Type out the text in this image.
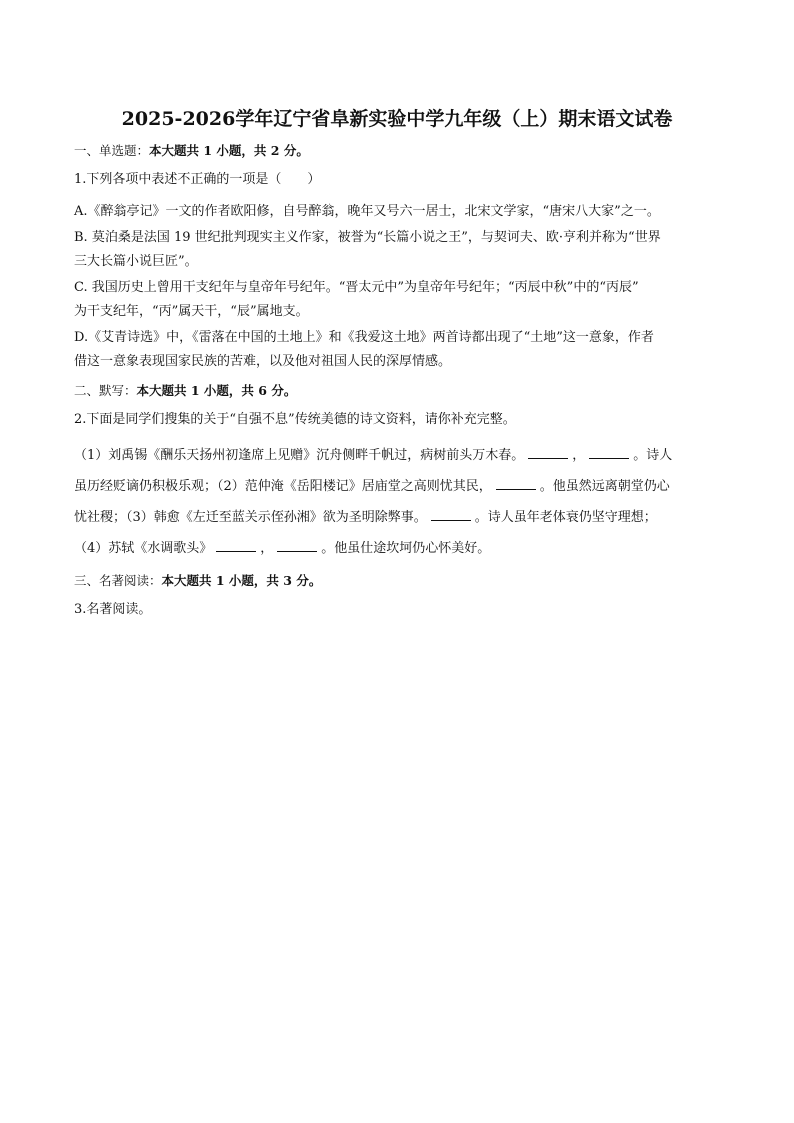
2025-2026学年辽宁省阜新实验中学九年级（上）期末语文试卷
一、单选题：本大题共 1 小题，共 2 分。
1.下列各项中表述不正确的一项是（　　）
A.《醉翁亭记》一文的作者欧阳修，自号醉翁，晚年又号六一居士，北宋文学家，“唐宋八大家”之一。
B. 莫泊桑是法国 19 世纪批判现实主义作家，被誉为“长篇小说之王”，与契诃夫、欧·亨利并称为“世界
三大长篇小说巨匠”。
C. 我国历史上曾用干支纪年与皇帝年号纪年。“晋太元中”为皇帝年号纪年；“丙辰中秋”中的“丙辰”
为干支纪年，“丙”属天干，“辰”属地支。
D.《艾青诗选》中，《雷落在中国的土地上》和《我爱这土地》两首诗都出现了“土地”这一意象，作者
借这一意象表现国家民族的苦难，以及他对祖国人民的深厚情感。
二、默写：本大题共 1 小题，共 6 分。
2.下面是同学们搜集的关于“自强不息”传统美德的诗文资料，请你补充完整。
（1）刘禹锡《酬乐天扬州初逢席上见赠》沉舟侧畔千帆过，病树前头万木春。	，	。诗人
虽历经贬谪仍积极乐观；（2）范仲淹《岳阳楼记》居庙堂之高则忧其民，	。他虽然远离朝堂仍心
忧社稷；（3）韩愈《左迁至蓝关示侄孙湘》欲为圣明除弊事。	。诗人虽年老体衰仍坚守理想；
（4）苏轼《水调歌头》	，	。他虽仕途坎坷仍心怀美好。
三、名著阅读：本大题共 1 小题，共 3 分。
3.名著阅读。
